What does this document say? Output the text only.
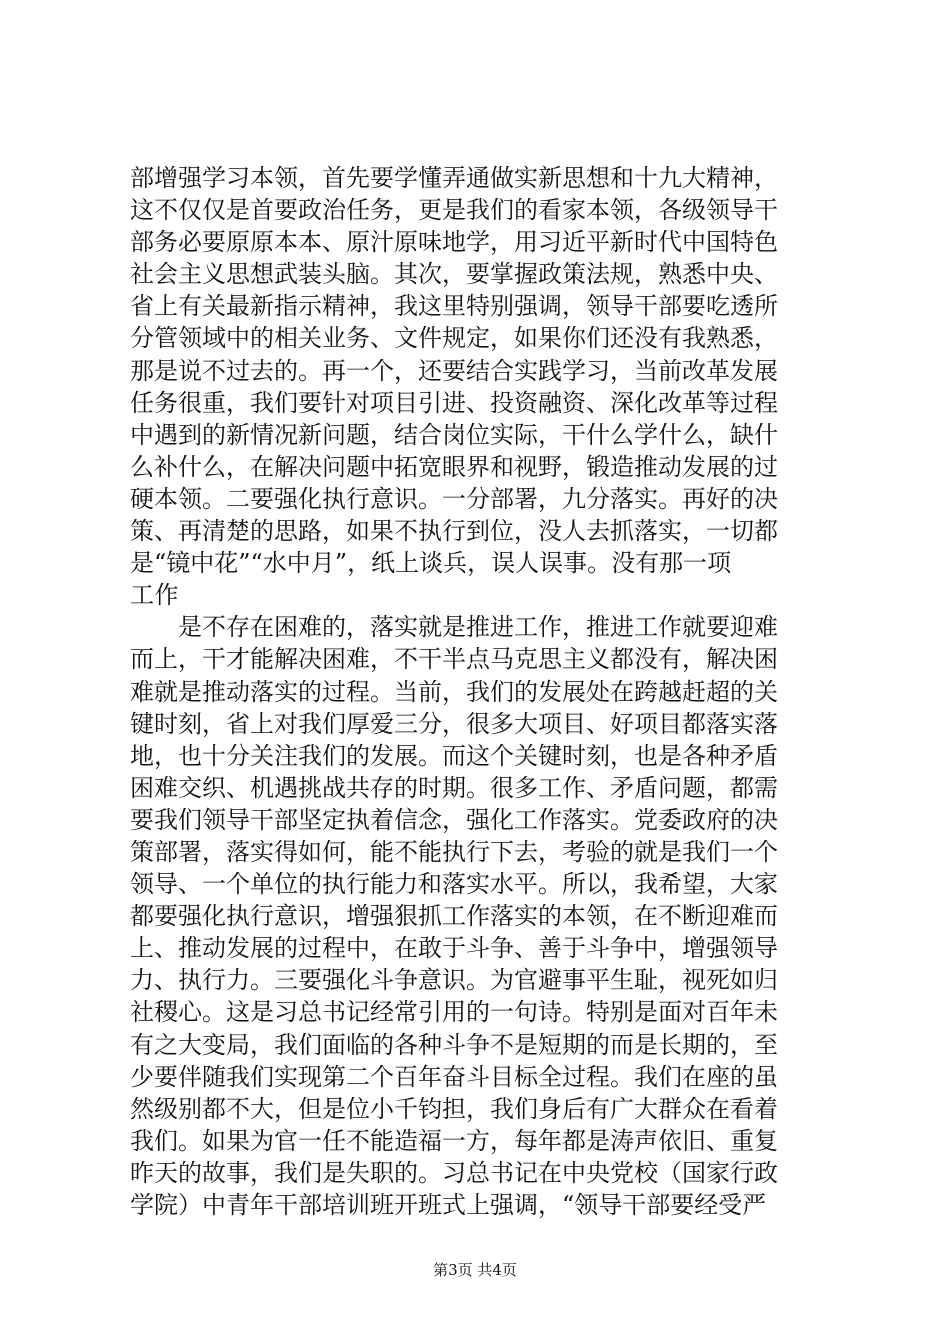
部增强学习本领，首先要学懂弄通做实新思想和十九大精神，
这不仅仅是首要政治任务，更是我们的看家本领，各级领导干
部务必要原原本本、原汁原味地学，用习近平新时代中国特色
社会主义思想武装头脑。其次，要掌握政策法规，熟悉中央、
省上有关最新指示精神，我这里特别强调，领导干部要吃透所
分管领域中的相关业务、文件规定，如果你们还没有我熟悉，
那是说不过去的。再一个，还要结合实践学习，当前改革发展
任务很重，我们要针对项目引进、投资融资、深化改革等过程
中遇到的新情况新问题，结合岗位实际，干什么学什么，缺什
么补什么，在解决问题中拓宽眼界和视野，锻造推动发展的过
硬本领。二要强化执行意识。一分部署，九分落实。再好的决
策、再清楚的思路，如果不执行到位，没人去抓落实，一切都
是“镜中花”“水中月”，纸上谈兵，误人误事。没有那一项
工作
　　是不存在困难的，落实就是推进工作，推进工作就要迎难
而上，干才能解决困难，不干半点马克思主义都没有，解决困
难就是推动落实的过程。当前，我们的发展处在跨越赶超的关
键时刻，省上对我们厚爱三分，很多大项目、好项目都落实落
地，也十分关注我们的发展。而这个关键时刻，也是各种矛盾
困难交织、机遇挑战共存的时期。很多工作、矛盾问题，都需
要我们领导干部坚定执着信念，强化工作落实。党委政府的决
策部署，落实得如何，能不能执行下去，考验的就是我们一个
领导、一个单位的执行能力和落实水平。所以，我希望，大家
都要强化执行意识，增强狠抓工作落实的本领，在不断迎难而
上、推动发展的过程中，在敢于斗争、善于斗争中，增强领导
力、执行力。三要强化斗争意识。为官避事平生耻，视死如归
社稷心。这是习总书记经常引用的一句诗。特别是面对百年未
有之大变局，我们面临的各种斗争不是短期的而是长期的，至
少要伴随我们实现第二个百年奋斗目标全过程。我们在座的虽
然级别都不大，但是位小千钧担，我们身后有广大群众在看着
我们。如果为官一任不能造福一方，每年都是涛声依旧、重复
昨天的故事，我们是失职的。习总书记在中央党校（国家行政
学院）中青年干部培训班开班式上强调，“领导干部要经受严
第3页 共4页
